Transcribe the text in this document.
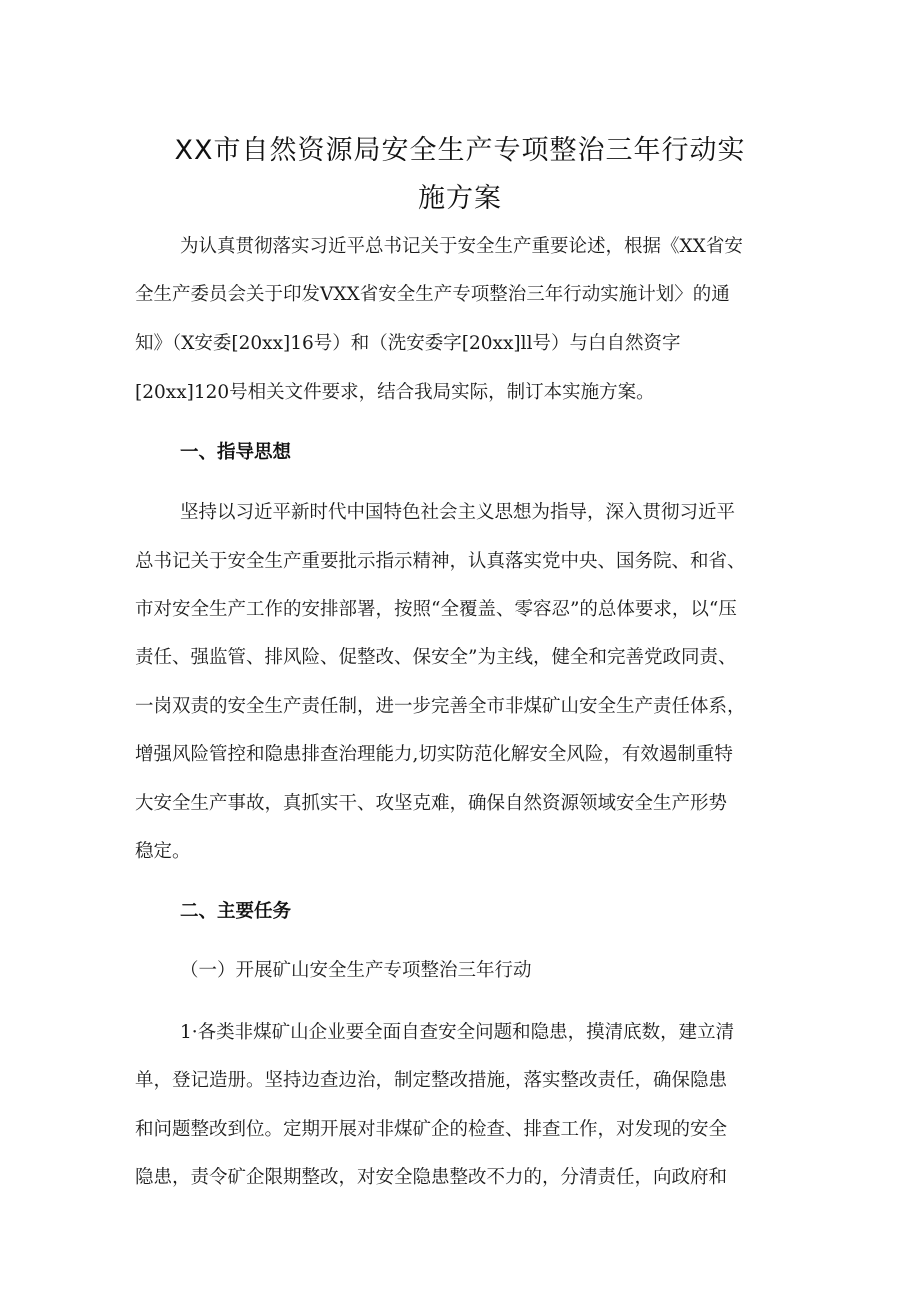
XX市自然资源局安全生产专项整治三年行动实
施方案
为认真贯彻落实习近平总书记关于安全生产重要论述，根据《XX省安
全生产委员会关于印发VXX省安全生产专项整治三年行动实施计划〉的通
知》（X安委[20xx]16号）和（洗安委字[20xx]ll号）与白自然资字
[20xx]120号相关文件要求，结合我局实际，制订本实施方案。
一、指导思想
坚持以习近平新时代中国特色社会主义思想为指导，深入贯彻习近平
总书记关于安全生产重要批示指示精神，认真落实党中央、国务院、和省、
市对安全生产工作的安排部署，按照“全覆盖、零容忍”的总体要求，以“压
责任、强监管、排风险、促整改、保安全”为主线，健全和完善党政同责、
一岗双责的安全生产责任制，进一步完善全市非煤矿山安全生产责任体系，
增强风险管控和隐患排查治理能力,切实防范化解安全风险，有效遏制重特
大安全生产事故，真抓实干、攻坚克难，确保自然资源领域安全生产形势
稳定。
二、主要任务
（一）开展矿山安全生产专项整治三年行动
1·各类非煤矿山企业要全面自查安全问题和隐患，摸清底数，建立清
单，登记造册。坚持边查边治，制定整改措施，落实整改责任，确保隐患
和问题整改到位。定期开展对非煤矿企的检查、排查工作，对发现的安全
隐患，责令矿企限期整改，对安全隐患整改不力的，分清责任，向政府和
